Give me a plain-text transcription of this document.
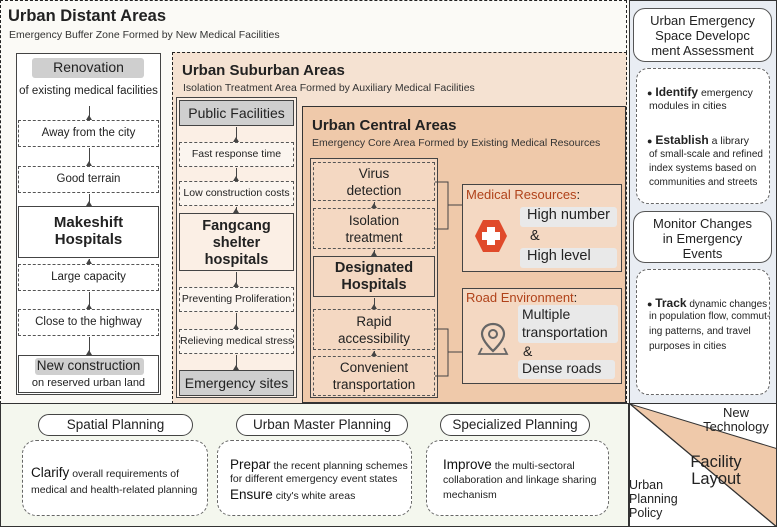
Urban Distant Areas
Emergency Buffer Zone Formed by New Medical Facilities
Urban Suburban Areas
Isolation Treatment Area Formed by Auxiliary Medical Facilities
Urban Central Areas
Emergency Core Area Formed by Existing Medical Resources
Renovation
of existing medical facilities
Away from the city
Good terrain
Makeshift
Hospitals
Large capacity
Close to the highway
New construction
on reserved urban land
Public Facilities
Fast response time
Low construction costs
Fangcang
shelter
hospitals
Preventing Proliferation
Relieving medical stress
Emergency sites
Virus
detection
Isolation
treatment
Designated
Hospitals
Rapid
accessibility
Convenient
transportation
Medical Resources:
High number
&
High level
Road Environment:
Multiple
transportation
&
Dense roads
Urban Emergency
Space Developc
ment Assessment
● Identify emergency
modules in cities
● Establish a library
of small-scale and refined
index systems based on
communities and streets
Monitor Changes
in Emergency
Events
● Track dynamic changes
in population flow, commut-
ing patterns, and travel
purposes in cities
Spatial Planning	Urban Master Planning	Specialized Planning
Clarify overall requirements of
medical and health-related planning
Prepar the recent planning schemes
for different emergency event states
Ensure city's white areas
Improve the multi-sectoral
collaboration and linkage sharing
mechanism
New
Technology
Facility
Layout
Urban
Planning
Policy
